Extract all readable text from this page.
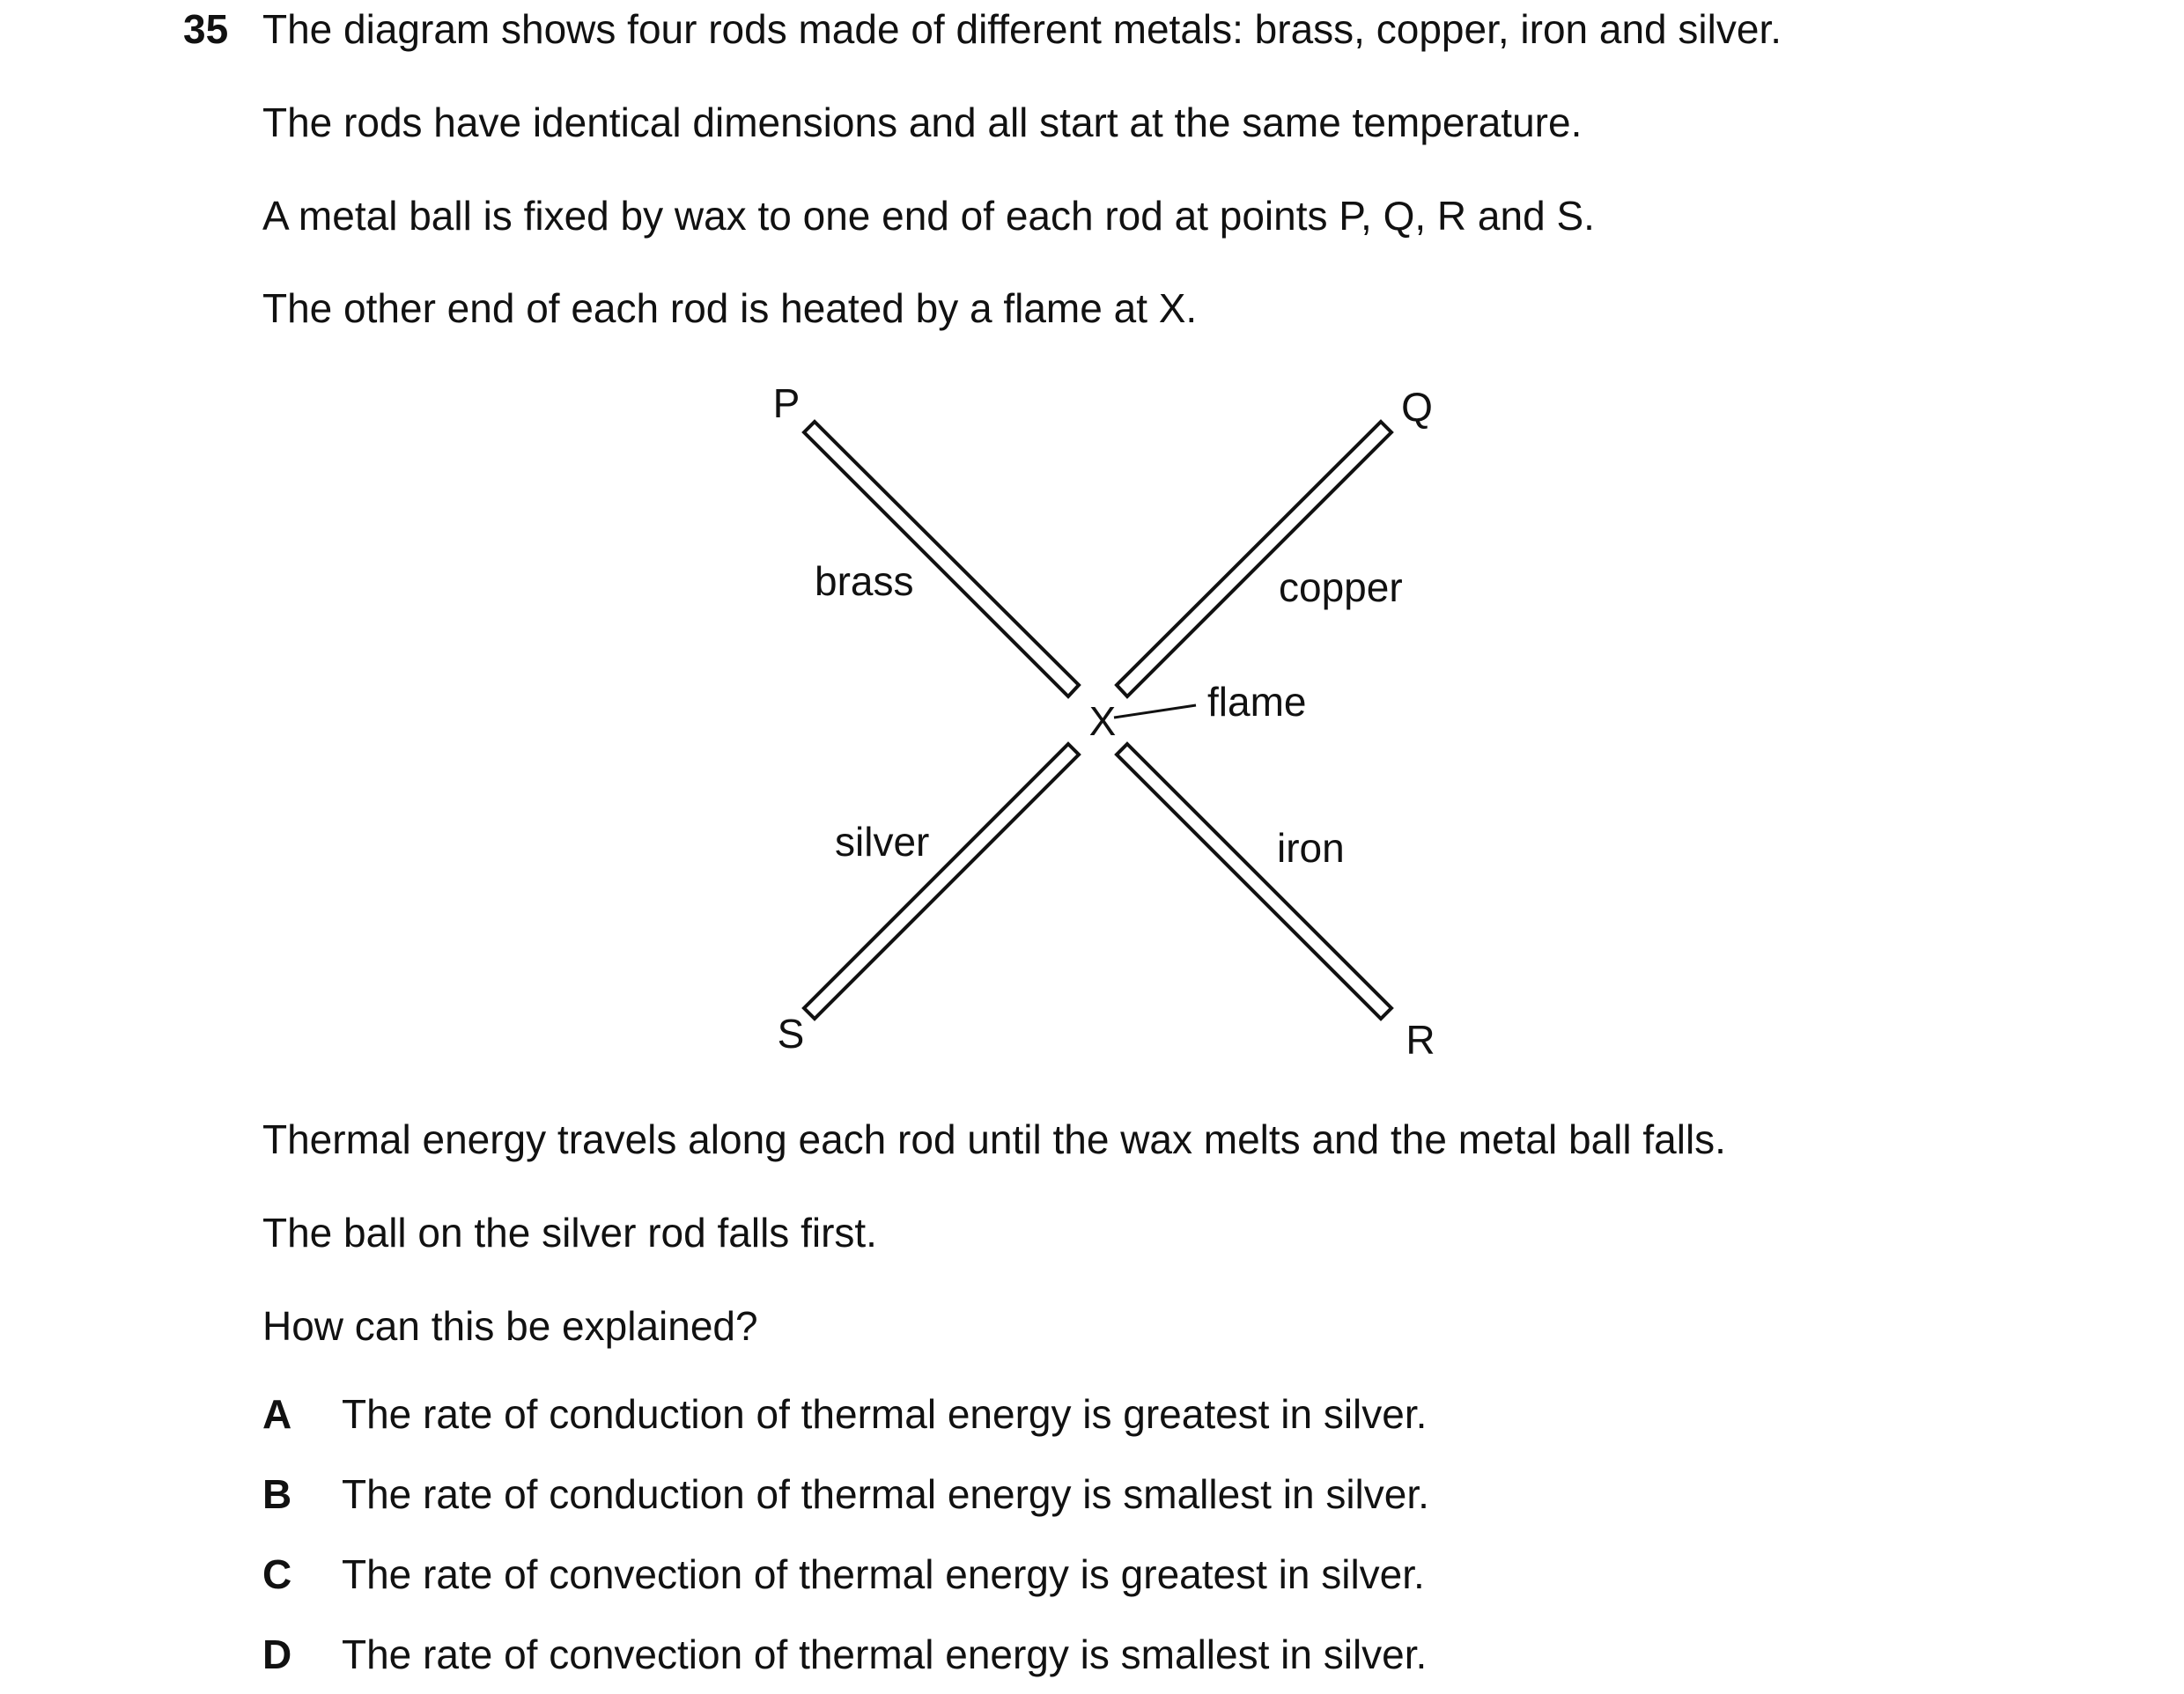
35 The diagram shows four rods made of different metals: brass, copper, iron and silver.
The rods have identical dimensions and all start at the same temperature.
A metal ball is fixed by wax to one end of each rod at points P, Q, R and S.
The other end of each rod is heated by a flame at X.
P	Q
S	R
X
brass	copper
silver	iron
flame
Thermal energy travels along each rod until the wax melts and the metal ball falls.
The ball on the silver rod falls first.
How can this be explained?
A The rate of conduction of thermal energy is greatest in silver.
B The rate of conduction of thermal energy is smallest in silver.
C The rate of convection of thermal energy is greatest in silver.
D The rate of convection of thermal energy is smallest in silver.
